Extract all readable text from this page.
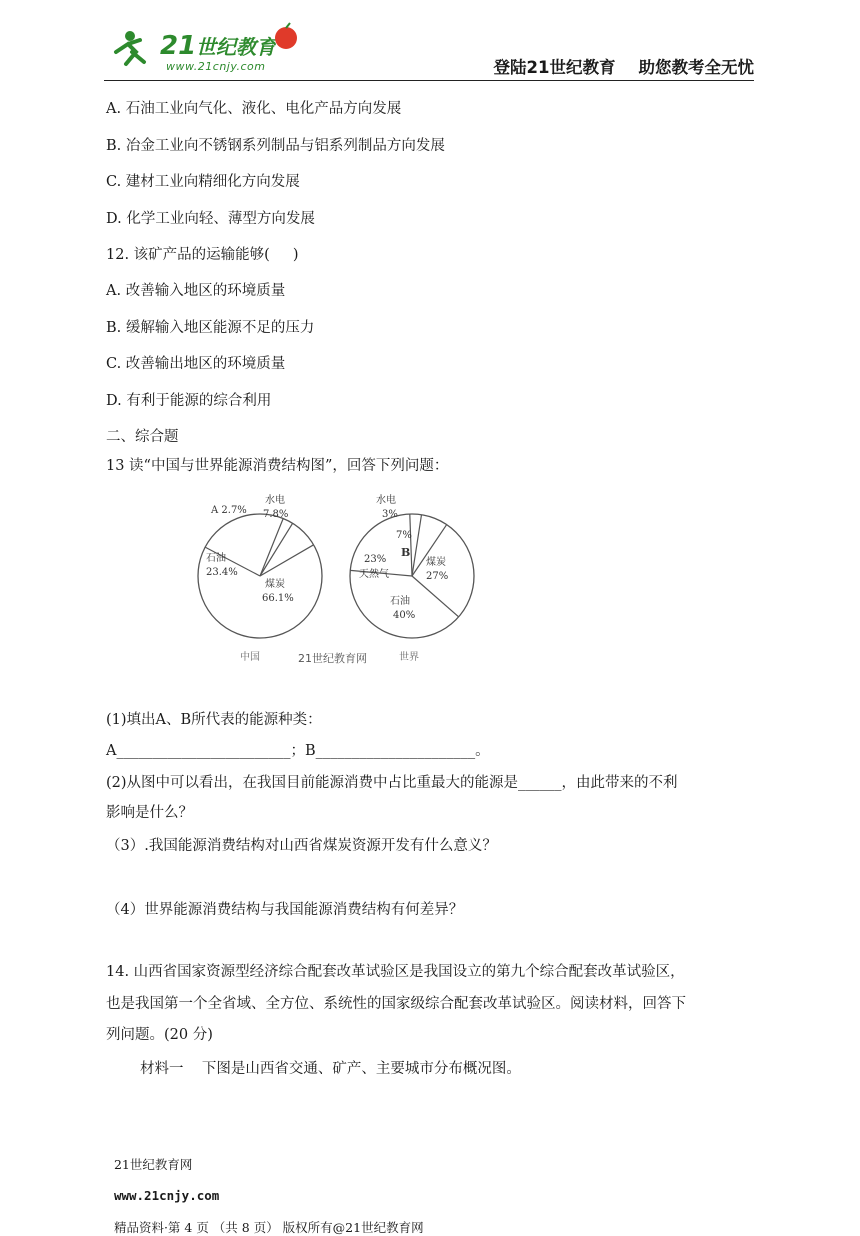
21 世纪教育
www.21cnjy.com	登陆21世纪教育    助您教考全无忧
A. 石油工业向气化、液化、电化产品方向发展
B. 冶金工业向不锈钢系列制品与铝系列制品方向发展
C. 建材工业向精细化方向发展
D. 化学工业向轻、薄型方向发展
12. 该矿产品的运输能够(     )
A. 改善输入地区的环境质量
B. 缓解输入地区能源不足的压力
C. 改善输出地区的环境质量
D. 有利于能源的综合利用
二、综合题
13 读“中国与世界能源消费结构图”，回答下列问题：
A 2.7%
水电
7.8%
石油
23.4%
煤炭
66.1%
水电
3%
7%
B
23%
天然气
煤炭
27%
石油
40%
中国	21世纪教育网	世界
(1)填出A、B所代表的能源种类：
A________________________；B______________________。
(2)从图中可以看出，在我国目前能源消费中占比重最大的能源是______，由此带来的不利
影响是什么？
（3）.我国能源消费结构对山西省煤炭资源开发有什么意义？
（4）世界能源消费结构与我国能源消费结构有何差异？
14. 山西省国家资源型经济综合配套改革试验区是我国设立的第九个综合配套改革试验区，
也是我国第一个全省域、全方位、系统性的国家级综合配套改革试验区。阅读材料，回答下
列问题。(20 分)
材料一    下图是山西省交通、矿产、主要城市分布概况图。

21世纪教育网

www.21cnjy.com

精品资料·第 4 页 （共 8 页） 版权所有@21世纪教育网
